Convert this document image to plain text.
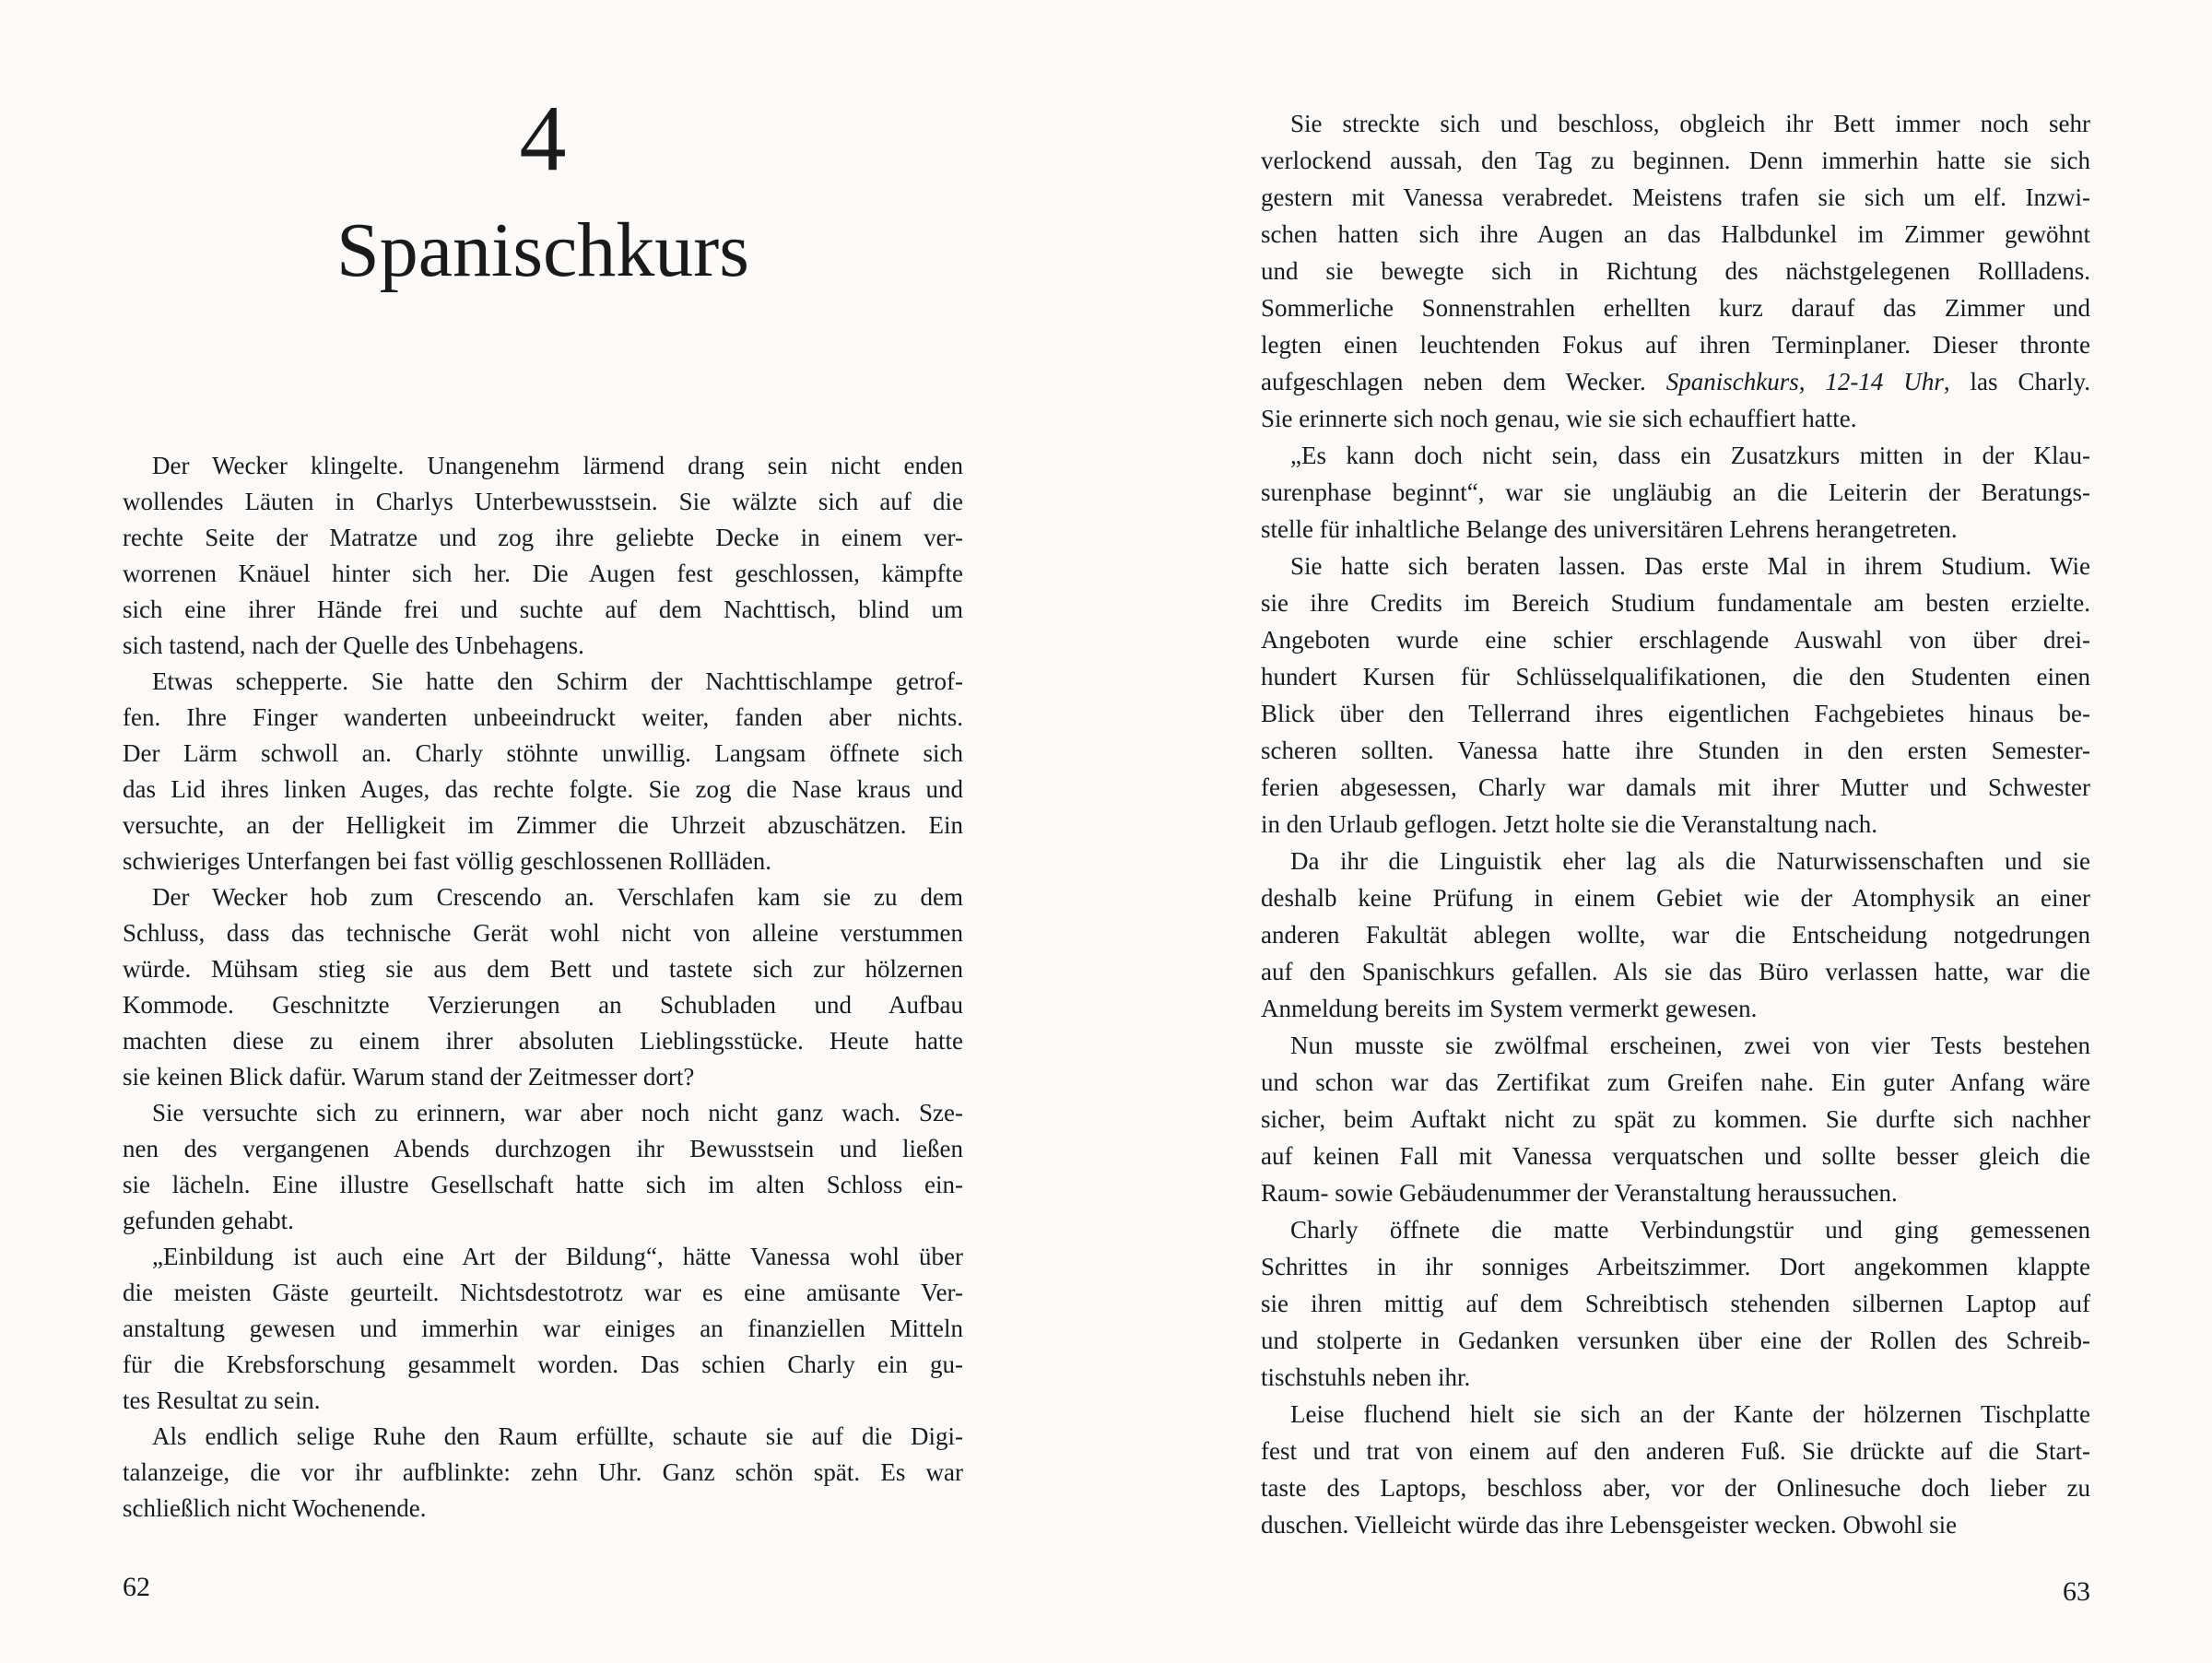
4
Spanischkurs
Der Wecker klingelte. Unangenehm lärmend drang sein nicht enden
wollendes Läuten in Charlys Unterbewusstsein. Sie wälzte sich auf die
rechte Seite der Matratze und zog ihre geliebte Decke in einem ver-
worrenen Knäuel hinter sich her. Die Augen fest geschlossen, kämpfte
sich eine ihrer Hände frei und suchte auf dem Nachttisch, blind um
sich tastend, nach der Quelle des Unbehagens.
Etwas schepperte. Sie hatte den Schirm der Nachttischlampe getrof-
fen. Ihre Finger wanderten unbeeindruckt weiter, fanden aber nichts.
Der Lärm schwoll an. Charly stöhnte unwillig. Langsam öffnete sich
das Lid ihres linken Auges, das rechte folgte. Sie zog die Nase kraus und
versuchte, an der Helligkeit im Zimmer die Uhrzeit abzuschätzen. Ein
schwieriges Unterfangen bei fast völlig geschlossenen Rollläden.
Der Wecker hob zum Crescendo an. Verschlafen kam sie zu dem
Schluss, dass das technische Gerät wohl nicht von alleine verstummen
würde. Mühsam stieg sie aus dem Bett und tastete sich zur hölzernen
Kommode. Geschnitzte Verzierungen an Schubladen und Aufbau
machten diese zu einem ihrer absoluten Lieblingsstücke. Heute hatte
sie keinen Blick dafür. Warum stand der Zeitmesser dort?
Sie versuchte sich zu erinnern, war aber noch nicht ganz wach. Sze-
nen des vergangenen Abends durchzogen ihr Bewusstsein und ließen
sie lächeln. Eine illustre Gesellschaft hatte sich im alten Schloss ein-
gefunden gehabt.
„Einbildung ist auch eine Art der Bildung“, hätte Vanessa wohl über
die meisten Gäste geurteilt. Nichtsdestotrotz war es eine amüsante Ver-
anstaltung gewesen und immerhin war einiges an finanziellen Mitteln
für die Krebsforschung gesammelt worden. Das schien Charly ein gu-
tes Resultat zu sein.
Als endlich selige Ruhe den Raum erfüllte, schaute sie auf die Digi-
talanzeige, die vor ihr aufblinkte: zehn Uhr. Ganz schön spät. Es war
schließlich nicht Wochenende.
62
Sie streckte sich und beschloss, obgleich ihr Bett immer noch sehr
verlockend aussah, den Tag zu beginnen. Denn immerhin hatte sie sich
gestern mit Vanessa verabredet. Meistens trafen sie sich um elf. Inzwi-
schen hatten sich ihre Augen an das Halbdunkel im Zimmer gewöhnt
und sie bewegte sich in Richtung des nächstgelegenen Rollladens.
Sommerliche Sonnenstrahlen erhellten kurz darauf das Zimmer und
legten einen leuchtenden Fokus auf ihren Terminplaner. Dieser thronte
aufgeschlagen neben dem Wecker. Spanischkurs, 12-14 Uhr, las Charly.
Sie erinnerte sich noch genau, wie sie sich echauffiert hatte.
„Es kann doch nicht sein, dass ein Zusatzkurs mitten in der Klau-
surenphase beginnt“, war sie ungläubig an die Leiterin der Beratungs-
stelle für inhaltliche Belange des universitären Lehrens herangetreten.
Sie hatte sich beraten lassen. Das erste Mal in ihrem Studium. Wie
sie ihre Credits im Bereich Studium fundamentale am besten erzielte.
Angeboten wurde eine schier erschlagende Auswahl von über drei-
hundert Kursen für Schlüsselqualifikationen, die den Studenten einen
Blick über den Tellerrand ihres eigentlichen Fachgebietes hinaus be-
scheren sollten. Vanessa hatte ihre Stunden in den ersten Semester-
ferien abgesessen, Charly war damals mit ihrer Mutter und Schwester
in den Urlaub geflogen. Jetzt holte sie die Veranstaltung nach.
Da ihr die Linguistik eher lag als die Naturwissenschaften und sie
deshalb keine Prüfung in einem Gebiet wie der Atomphysik an einer
anderen Fakultät ablegen wollte, war die Entscheidung notgedrungen
auf den Spanischkurs gefallen. Als sie das Büro verlassen hatte, war die
Anmeldung bereits im System vermerkt gewesen.
Nun musste sie zwölfmal erscheinen, zwei von vier Tests bestehen
und schon war das Zertifikat zum Greifen nahe. Ein guter Anfang wäre
sicher, beim Auftakt nicht zu spät zu kommen. Sie durfte sich nachher
auf keinen Fall mit Vanessa verquatschen und sollte besser gleich die
Raum- sowie Gebäudenummer der Veranstaltung heraussuchen.
Charly öffnete die matte Verbindungstür und ging gemessenen
Schrittes in ihr sonniges Arbeitszimmer. Dort angekommen klappte
sie ihren mittig auf dem Schreibtisch stehenden silbernen Laptop auf
und stolperte in Gedanken versunken über eine der Rollen des Schreib-
tischstuhls neben ihr.
Leise fluchend hielt sie sich an der Kante der hölzernen Tischplatte
fest und trat von einem auf den anderen Fuß. Sie drückte auf die Start-
taste des Laptops, beschloss aber, vor der Onlinesuche doch lieber zu
duschen. Vielleicht würde das ihre Lebensgeister wecken. Obwohl sie
63
